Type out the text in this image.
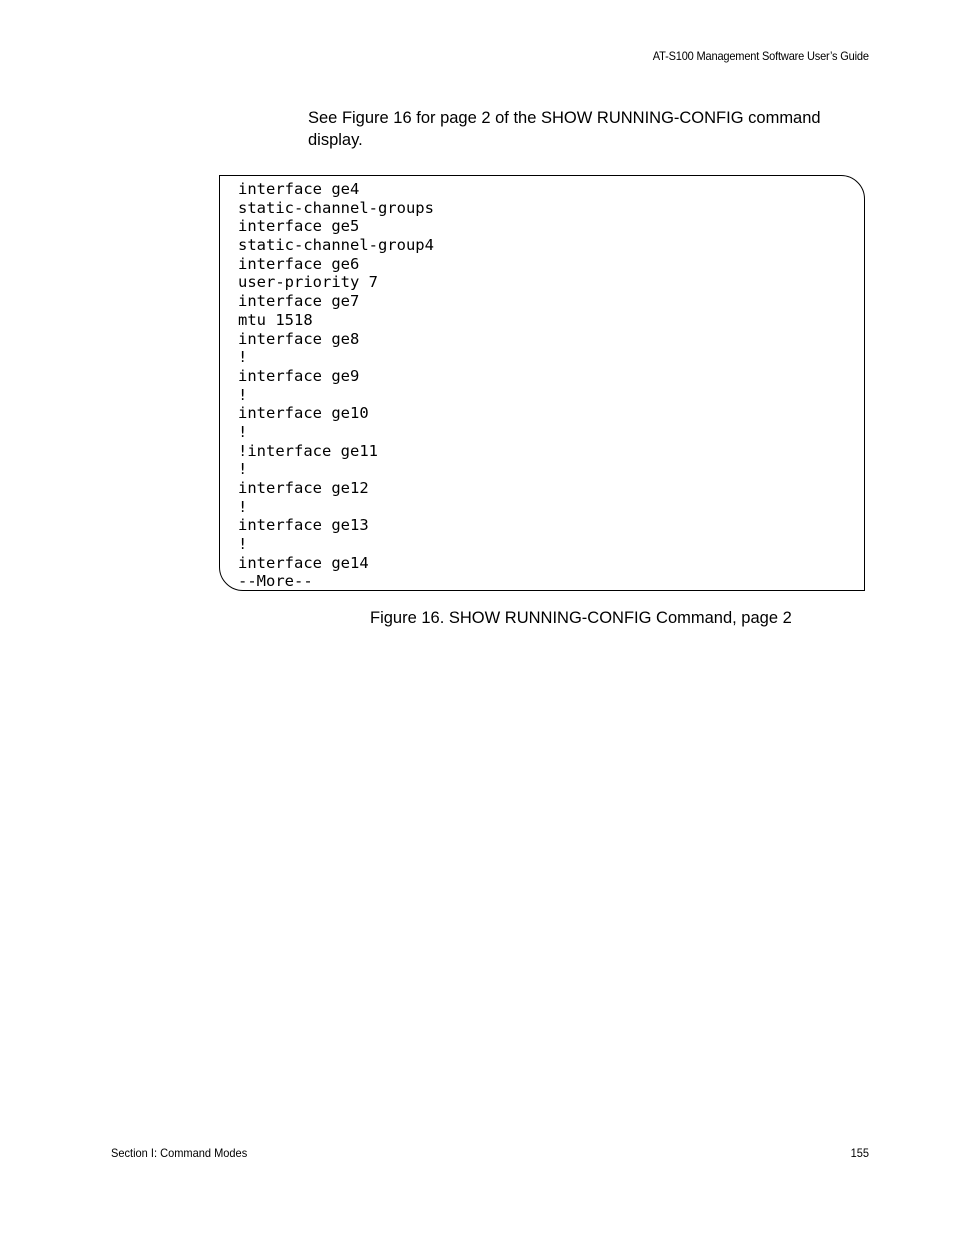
AT-S100 Management Software User’s Guide
See Figure 16 for page 2 of the SHOW RUNNING-CONFIG command display.
interface ge4
static-channel-groups
interface ge5
static-channel-group4
interface ge6
user-priority 7
interface ge7
mtu 1518
interface ge8
!
interface ge9
!
interface ge10
!
!interface ge11
!
interface ge12
!
interface ge13
!
interface ge14
--More--
Figure 16. SHOW RUNNING-CONFIG Command, page 2
Section I: Command Modes	155
